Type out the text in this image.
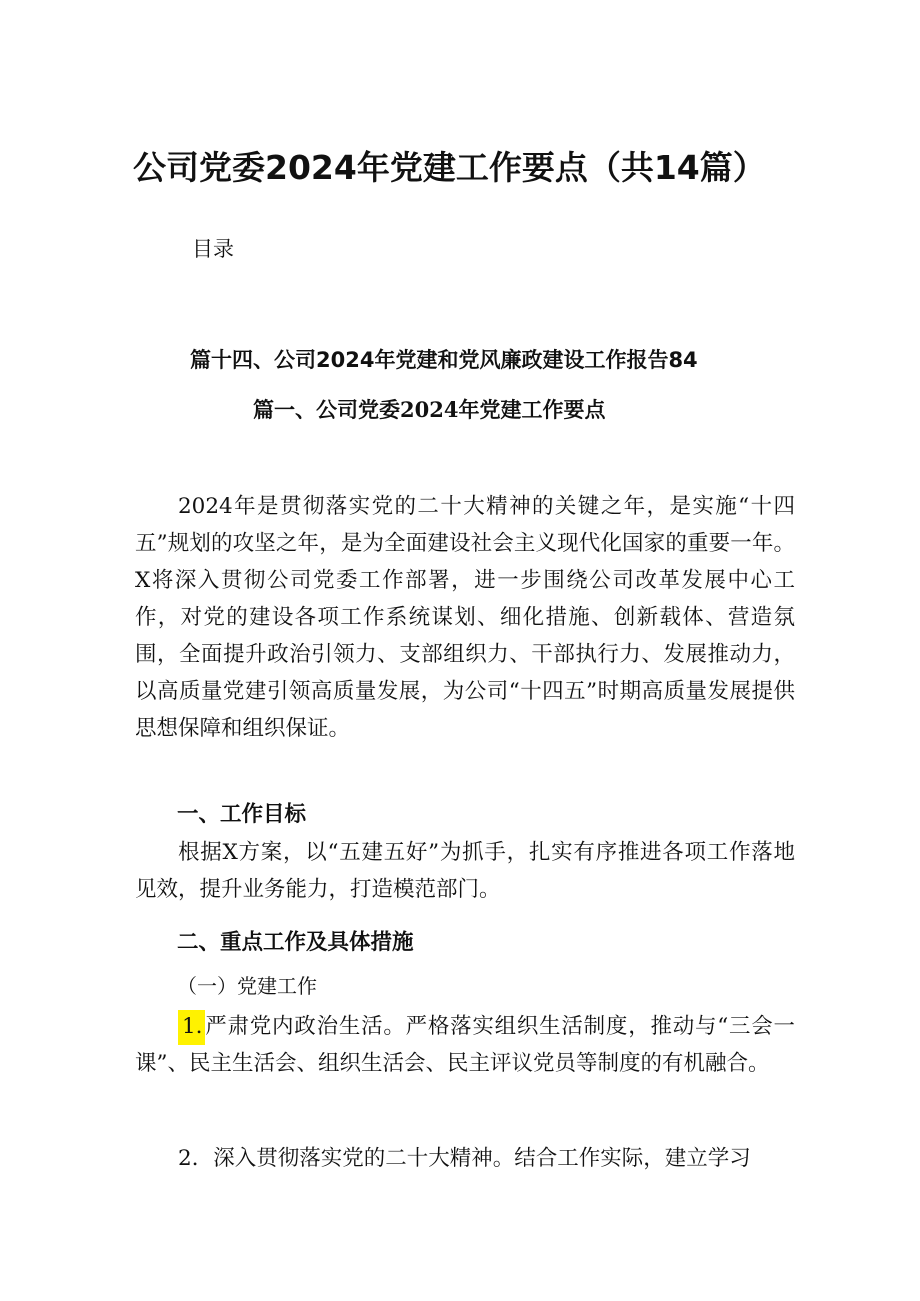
公司党委2024年党建工作要点（共14篇）
目录
篇十四、公司2024年党建和党风廉政建设工作报告84
篇一、公司党委2024年党建工作要点

2024年是贯彻落实党的二十大精神的关键之年，是实施“十四五”规划的攻坚之年，是为全面建设社会主义现代化国家的重要一年。X将深入贯彻公司党委工作部署，进一步围绕公司改革发展中心工作，对党的建设各项工作系统谋划、细化措施、创新载体、营造氛围，全面提升政治引领力、支部组织力、干部执行力、发展推动力，以高质量党建引领高质量发展，为公司“十四五”时期高质量发展提供思想保障和组织保证。

一、工作目标

根据X方案，以“五建五好”为抓手，扎实有序推进各项工作落地见效，提升业务能力，打造模范部门。

二、重点工作及具体措施
（一）党建工作

1.严肃党内政治生活。严格落实组织生活制度，推动与“三会一课”、民主生活会、组织生活会、民主评议党员等制度的有机融合。

2．深入贯彻落实党的二十大精神。结合工作实际，建立学习
